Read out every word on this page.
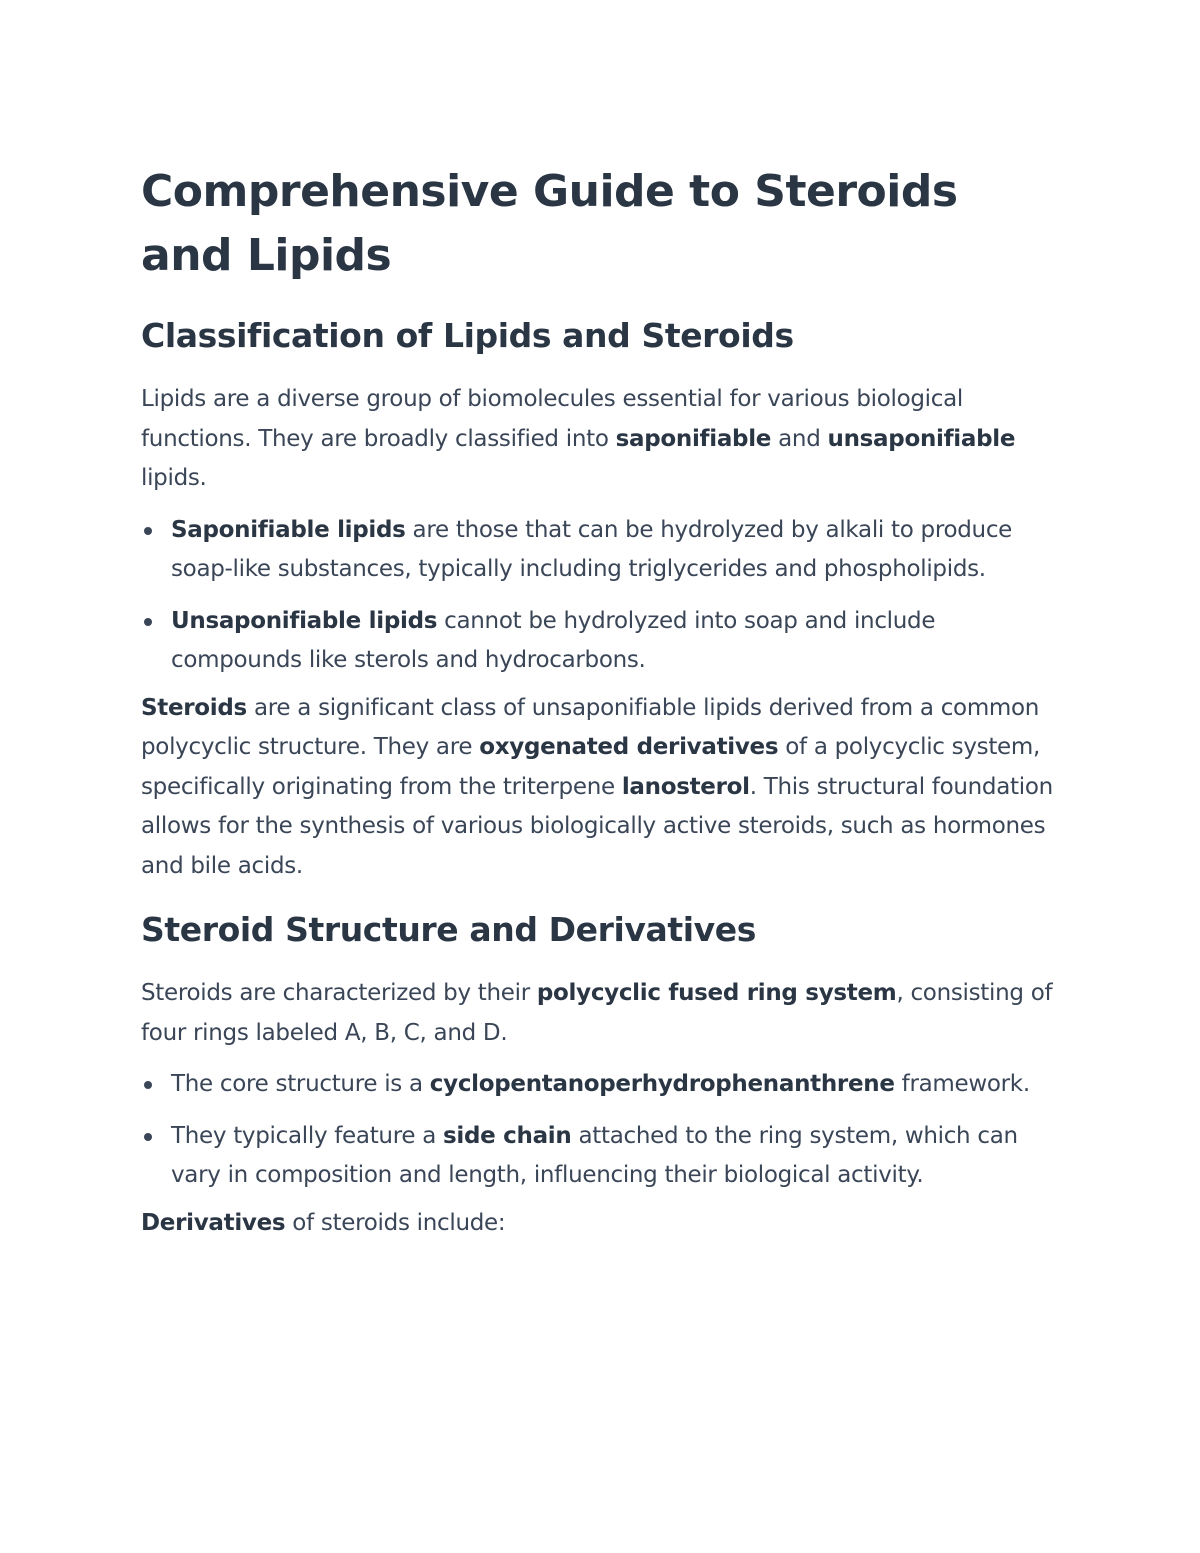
Comprehensive Guide to Steroids and Lipids
Classification of Lipids and Steroids

Lipids are a diverse group of biomolecules essential for various biological functions. They are broadly classified into saponifiable and unsaponifiable lipids.

Saponifiable lipids are those that can be hydrolyzed by alkali to produce soap-like substances, typically including triglycerides and phospholipids.
Unsaponifiable lipids cannot be hydrolyzed into soap and include compounds like sterols and hydrocarbons.

Steroids are a significant class of unsaponifiable lipids derived from a common polycyclic structure. They are oxygenated derivatives of a polycyclic system, specifically originating from the triterpene lanosterol. This structural foundation allows for the synthesis of various biologically active steroids, such as hormones and bile acids.

Steroid Structure and Derivatives

Steroids are characterized by their polycyclic fused ring system, consisting of four rings labeled A, B, C, and D.

The core structure is a cyclopentanoperhydrophenanthrene framework.
They typically feature a side chain attached to the ring system, which can vary in composition and length, influencing their biological activity.

Derivatives of steroids include:
